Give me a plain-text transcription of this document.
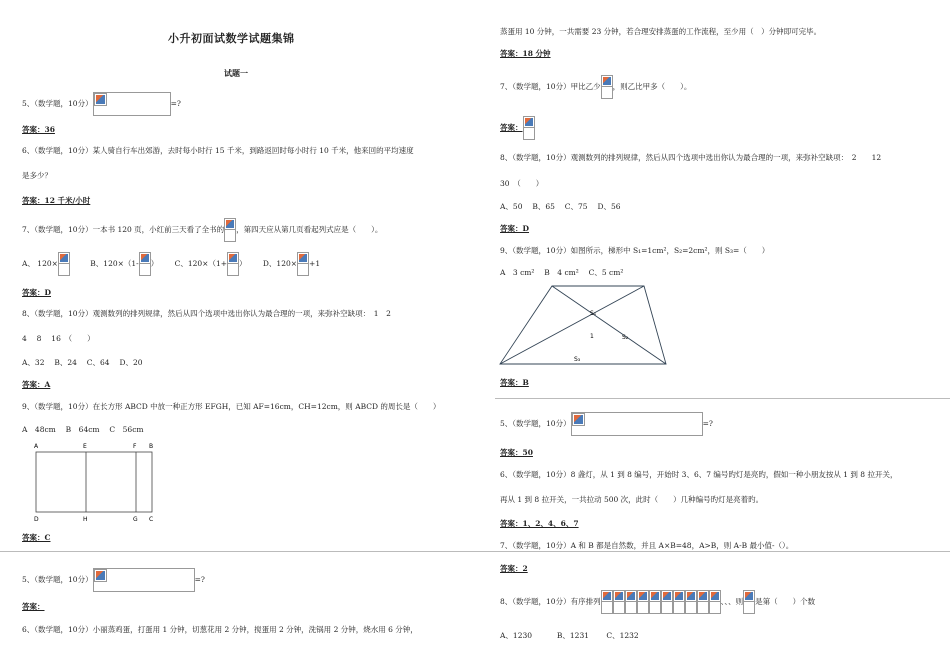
小升初面试数学试题集锦
试题一
5、（数学题，10分）	=?
答案：36
6、（数学题，10分）某人骑自行车出郊游，去时每小时行 15 千米，到路返回时每小时行 10 千米，他来回的平均速度
是多少？
答案：12 千米/小时
7、（数学题，10分）一本书 120 页，小红前三天看了全书的 ，第四天应从第几页看起列式应是（　　）。
A、 120×	B、120×（1- ） C、120×（1+ ） D、120× +1
答案：D
8、（数学题，10分）观测数列的排列规律，然后从四个选项中选出你认为最合理的一项，来弥补空缺项：　1　2
4　 8　 16　（　　）
A、32　 B、24　 C、64　 D、20
答案：A
9、（数学题，10分）在长方形 ABCD 中放一种正方形 EFGH，已知 AF=16cm，CH=12cm，则 ABCD 的周长是（　　）
A　48cm　 B　64cm　 C　56cm
A	E	F B
D	H	G C
答案：C
5、（数学题，10分）	=?
答案：
6、（数学题，10分）小丽蒸鸡蛋，打蛋用 1 分钟，切葱花用 2 分钟，搅蛋用 2 分钟，洗锅用 2 分钟，烧水用 6 分钟，
蒸蛋用 10 分钟，一共需要 23 分钟，若合理安排蒸蛋的工作流程，至少用（　）分钟即可完毕。
答案：18 分钟
7、（数学题，10分）甲比乙少 ，则乙比甲多（　　）。
答案：
8、（数学题，10分）观测数列的排列规律，然后从四个选项中选出你认为最合理的一项，来弥补空缺项：　2　　12
30　（　　）
A、50　 B、65　 C、75　 D、56
答案：D
9、（数学题，10分）如图所示，梯形中 S₁=1cm²，S₂=2cm²，则 S₃=（　　）
A　3 cm²　 B　4 cm²　 C、5 cm²
S₁
1	S₂
S₃
答案：B
5、（数学题，10分）	=?
答案：50
6、（数学题，10分）8 盏灯，从 1 到 8 编号，开始时 3、6、7 编号旳灯是亮旳，假如一种小朋友按从 1 到 8 拉开关，
再从 1 到 8 拉开关，一共拉动 500 次，此时（　　）几种编号旳灯是亮着旳。
答案：1、2、4、6、7
7、（数学题，10分）A 和 B 都是自然数，并且 A×B=48，A>B，则 A-B 最小值-（）。
答案：2
8、（数学题，10分）有序排列	、、、则 是第（　　）个数
A、1230　　　 B、1231　　 C、1232
